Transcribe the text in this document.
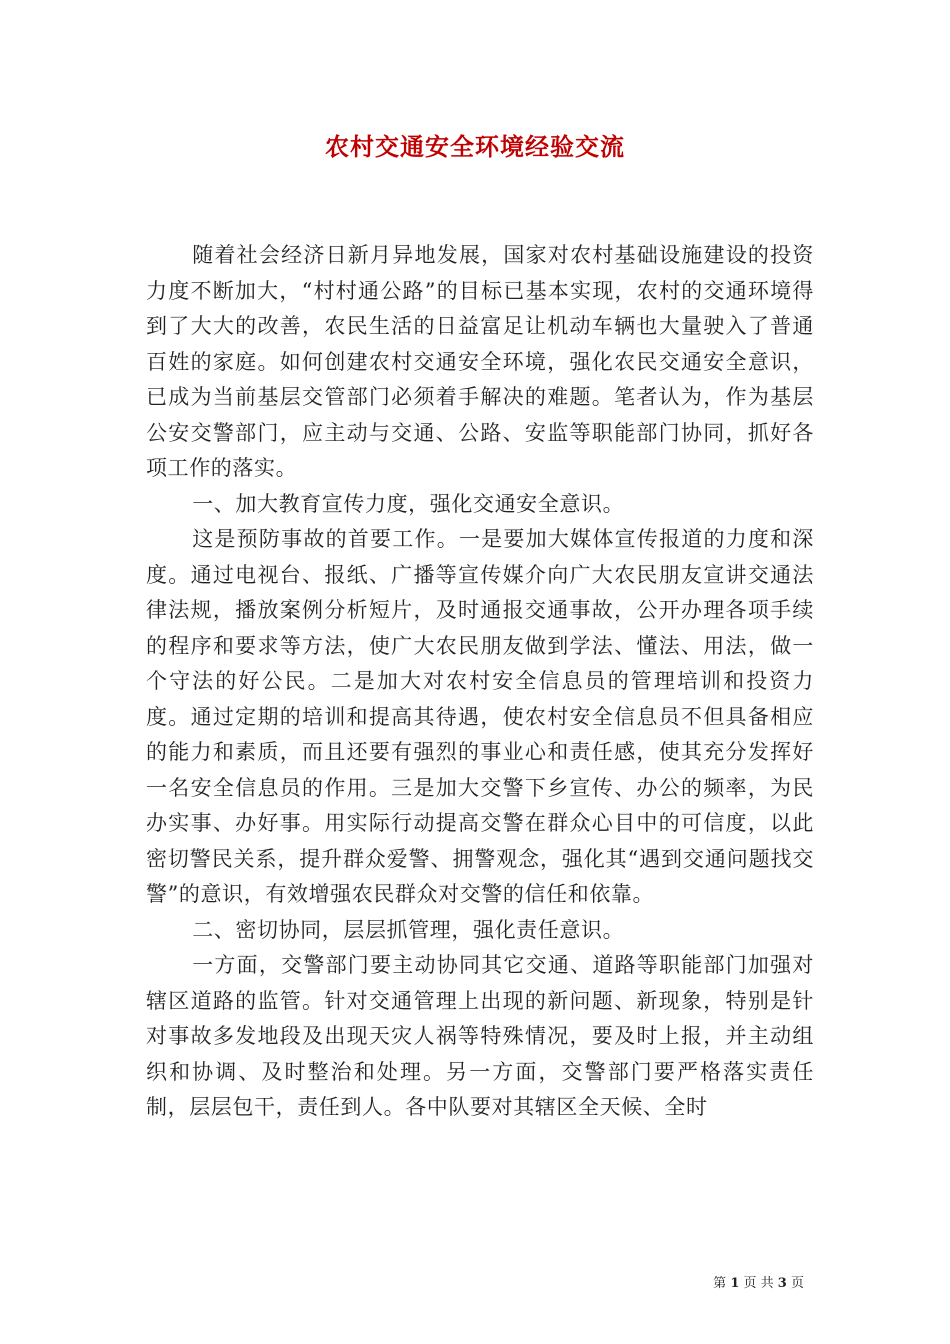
农村交通安全环境经验交流

随着社会经济日新月异地发展，国家对农村基础设施建设的投资力度不断加大，“村村通公路”的目标已基本实现，农村的交通环境得到了大大的改善，农民生活的日益富足让机动车辆也大量驶入了普通百姓的家庭。如何创建农村交通安全环境，强化农民交通安全意识，已成为当前基层交管部门必须着手解决的难题。笔者认为，作为基层公安交警部门，应主动与交通、公路、安监等职能部门协同，抓好各项工作的落实。

一、加大教育宣传力度，强化交通安全意识。

这是预防事故的首要工作。一是要加大媒体宣传报道的力度和深度。通过电视台、报纸、广播等宣传媒介向广大农民朋友宣讲交通法律法规，播放案例分析短片，及时通报交通事故，公开办理各项手续的程序和要求等方法，使广大农民朋友做到学法、懂法、用法，做一个守法的好公民。二是加大对农村安全信息员的管理培训和投资力度。通过定期的培训和提高其待遇，使农村安全信息员不但具备相应的能力和素质，而且还要有强烈的事业心和责任感，使其充分发挥好一名安全信息员的作用。三是加大交警下乡宣传、办公的频率，为民办实事、办好事。用实际行动提高交警在群众心目中的可信度，以此密切警民关系，提升群众爱警、拥警观念，强化其“遇到交通问题找交警”的意识，有效增强农民群众对交警的信任和依靠。

二、密切协同，层层抓管理，强化责任意识。

一方面，交警部门要主动协同其它交通、道路等职能部门加强对辖区道路的监管。针对交通管理上出现的新问题、新现象，特别是针对事故多发地段及出现天灾人祸等特殊情况，要及时上报，并主动组织和协调、及时整治和处理。另一方面，交警部门要严格落实责任制，层层包干，责任到人。各中队要对其辖区全天候、全时

第 1 页 共 3 页
